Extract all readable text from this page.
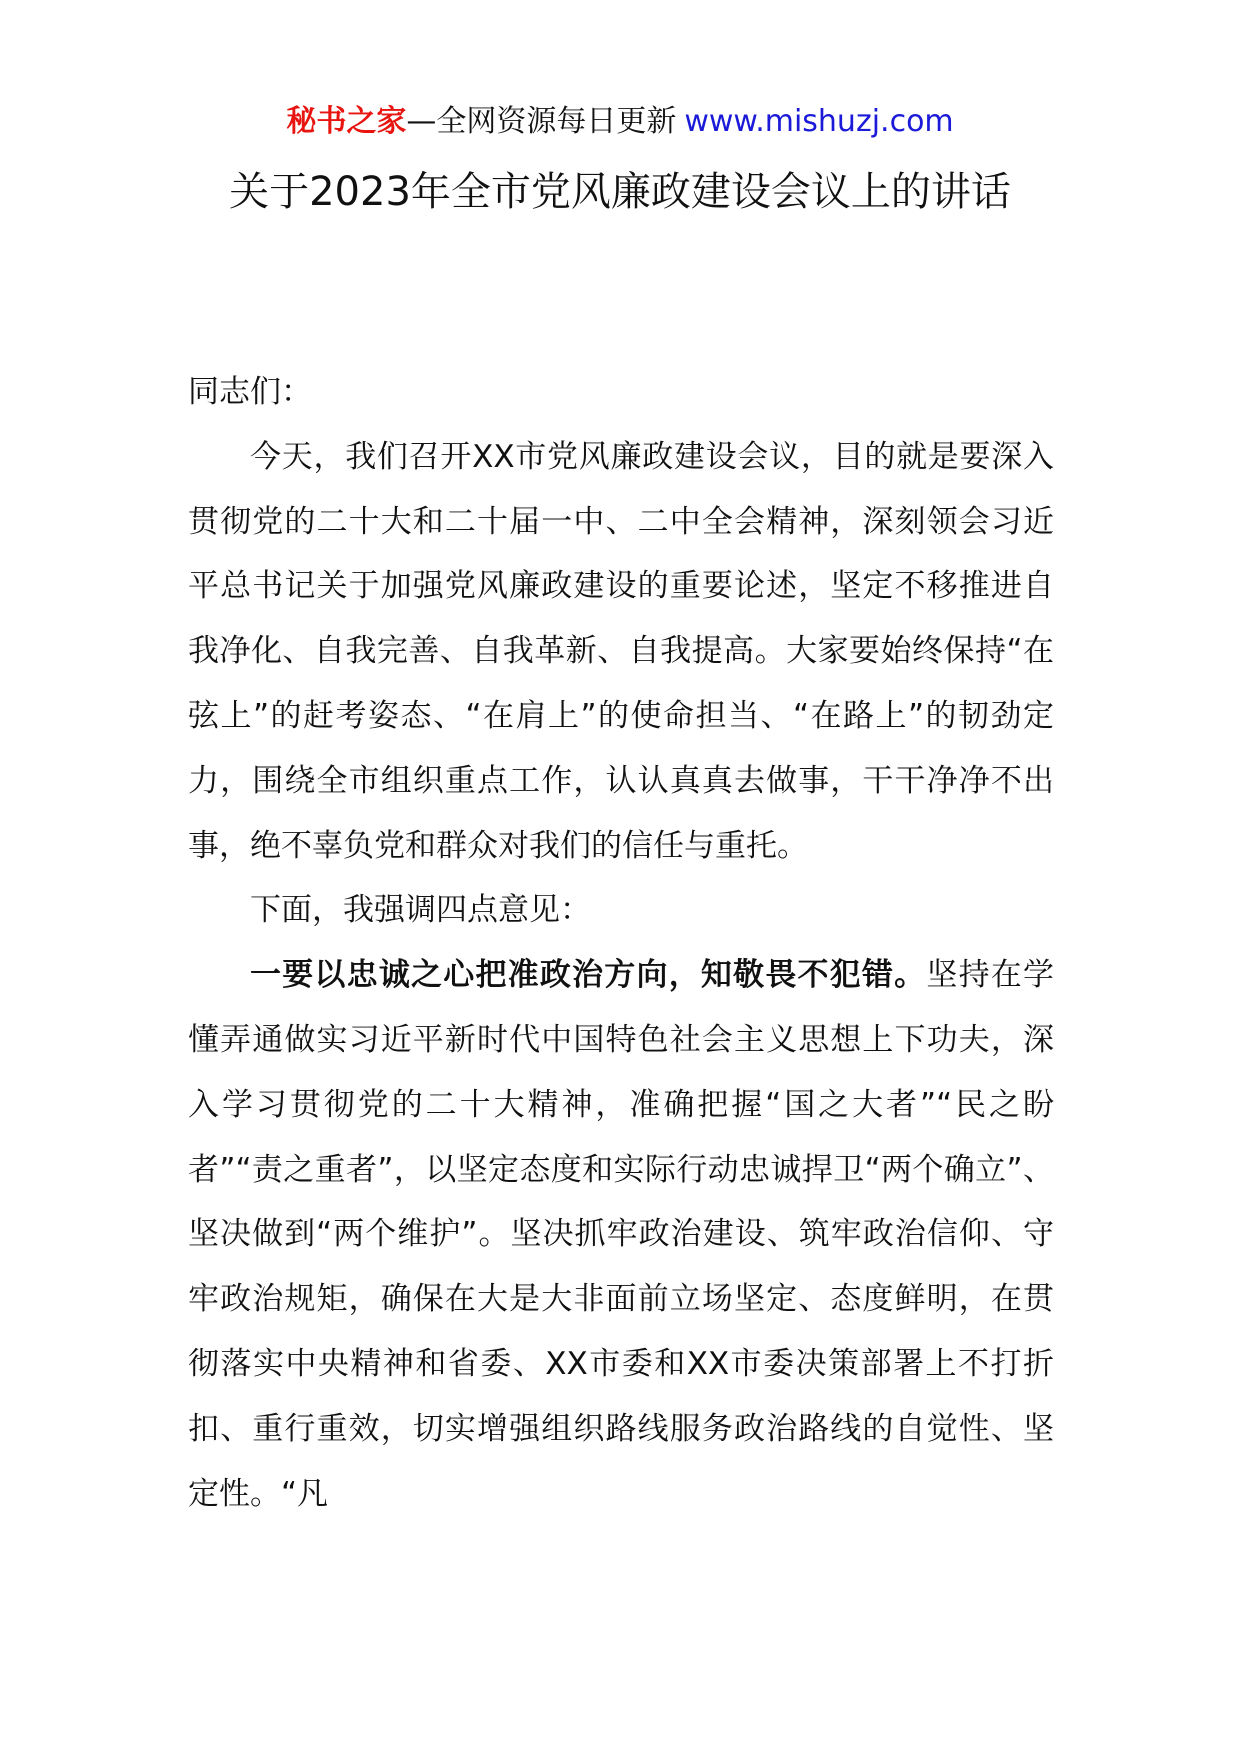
秘书之家—全网资源每日更新 www.mishuzj.com
关于2023年全市党风廉政建设会议上的讲话

同志们：

今天，我们召开XX市党风廉政建设会议，目的就是要深入贯彻党的二十大和二十届一中、二中全会精神，深刻领会习近平总书记关于加强党风廉政建设的重要论述，坚定不移推进自我净化、自我完善、自我革新、自我提高。大家要始终保持“在弦上”的赶考姿态、“在肩上”的使命担当、“在路上”的韧劲定力，围绕全市组织重点工作，认认真真去做事，干干净净不出事，绝不辜负党和群众对我们的信任与重托。

下面，我强调四点意见：

一要以忠诚之心把准政治方向，知敬畏不犯错。坚持在学懂弄通做实习近平新时代中国特色社会主义思想上下功夫，深入学习贯彻党的二十大精神，准确把握“国之大者”“民之盼者”“责之重者”，以坚定态度和实际行动忠诚捍卫“两个确立”、坚决做到“两个维护”。坚决抓牢政治建设、筑牢政治信仰、守牢政治规矩，确保在大是大非面前立场坚定、态度鲜明，在贯彻落实中央精神和省委、XX市委和XX市委决策部署上不打折扣、重行重效，切实增强组织路线服务政治路线的自觉性、坚定性。“凡
